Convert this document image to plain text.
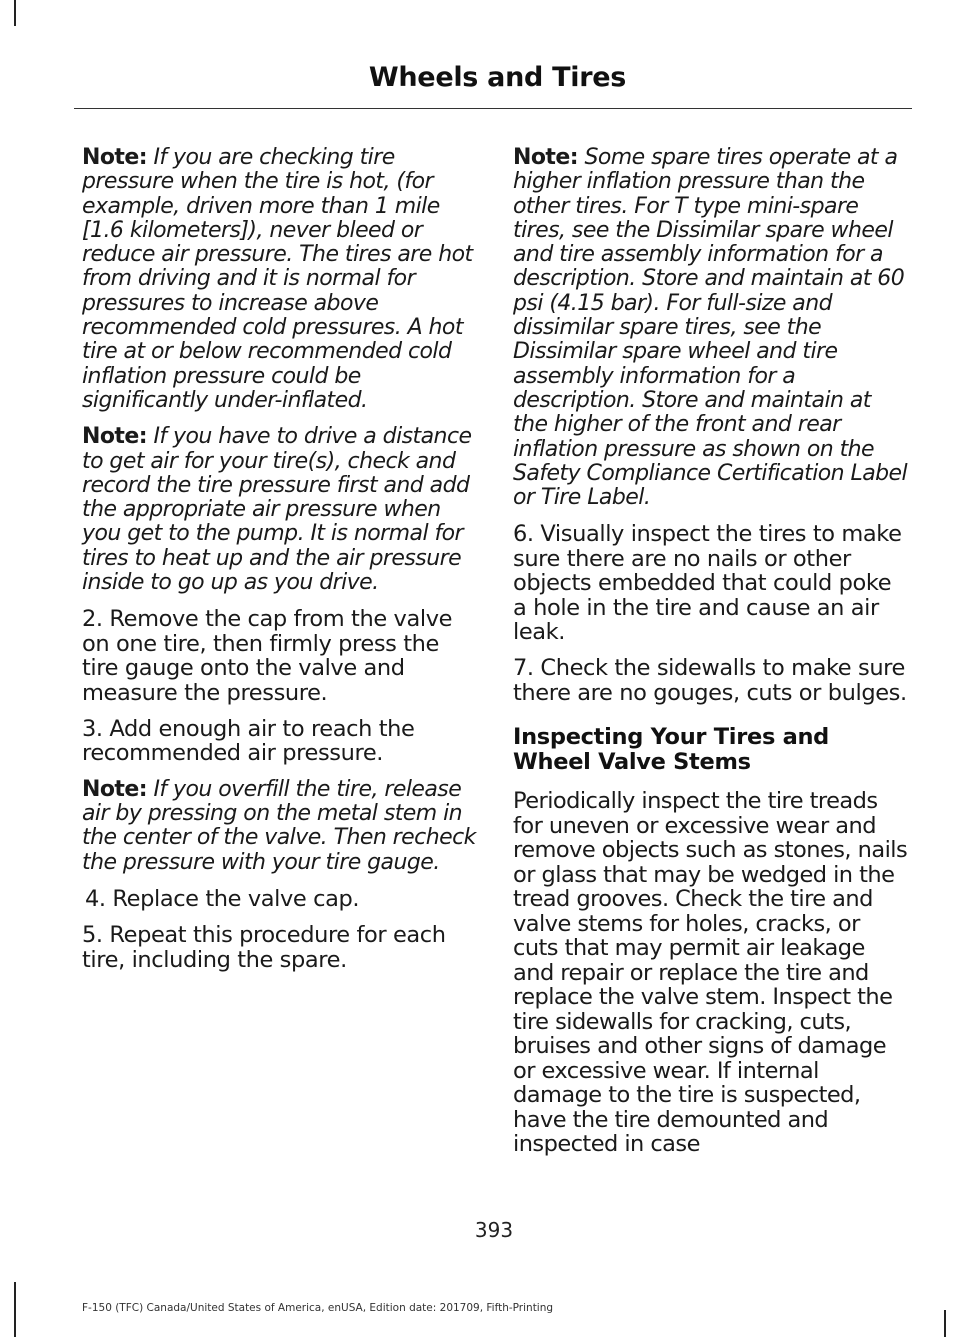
Wheels and Tires

Note: If you are checking tire pressure when the tire is hot, (for example, driven more than 1 mile [1.6 kilometers]), never bleed or reduce air pressure. The tires are hot from driving and it is normal for pressures to increase above recommended cold pressures. A hot tire at or below recommended cold inflation pressure could be significantly under-inflated.

Note: If you have to drive a distance to get air for your tire(s), check and record the tire pressure first and add the appropriate air pressure when you get to the pump. It is normal for tires to heat up and the air pressure inside to go up as you drive.

2. Remove the cap from the valve on one tire, then firmly press the tire gauge onto the valve and measure the pressure.

3. Add enough air to reach the recommended air pressure.

Note: If you overfill the tire, release air by pressing on the metal stem in the center of the valve. Then recheck the pressure with your tire gauge.

4. Replace the valve cap.

5. Repeat this procedure for each tire, including the spare.

Note: Some spare tires operate at a higher inflation pressure than the other tires. For T type mini-spare tires, see the Dissimilar spare wheel and tire assembly information for a description. Store and maintain at 60 psi (4.15 bar). For full-size and dissimilar spare tires, see the Dissimilar spare wheel and tire assembly information for a description. Store and maintain at the higher of the front and rear inflation pressure as shown on the Safety Compliance Certification Label or Tire Label.

6. Visually inspect the tires to make sure there are no nails or other objects embedded that could poke a hole in the tire and cause an air leak.

7. Check the sidewalls to make sure there are no gouges, cuts or bulges.

Inspecting Your Tires and Wheel Valve Stems

Periodically inspect the tire treads for uneven or excessive wear and remove objects such as stones, nails or glass that may be wedged in the tread grooves. Check the tire and valve stems for holes, cracks, or cuts that may permit air leakage and repair or replace the tire and replace the valve stem. Inspect the tire sidewalls for cracking, cuts, bruises and other signs of damage or excessive wear. If internal damage to the tire is suspected, have the tire demounted and inspected in case

393
F-150 (TFC) Canada/United States of America, enUSA, Edition date: 201709, Fifth-Printing
